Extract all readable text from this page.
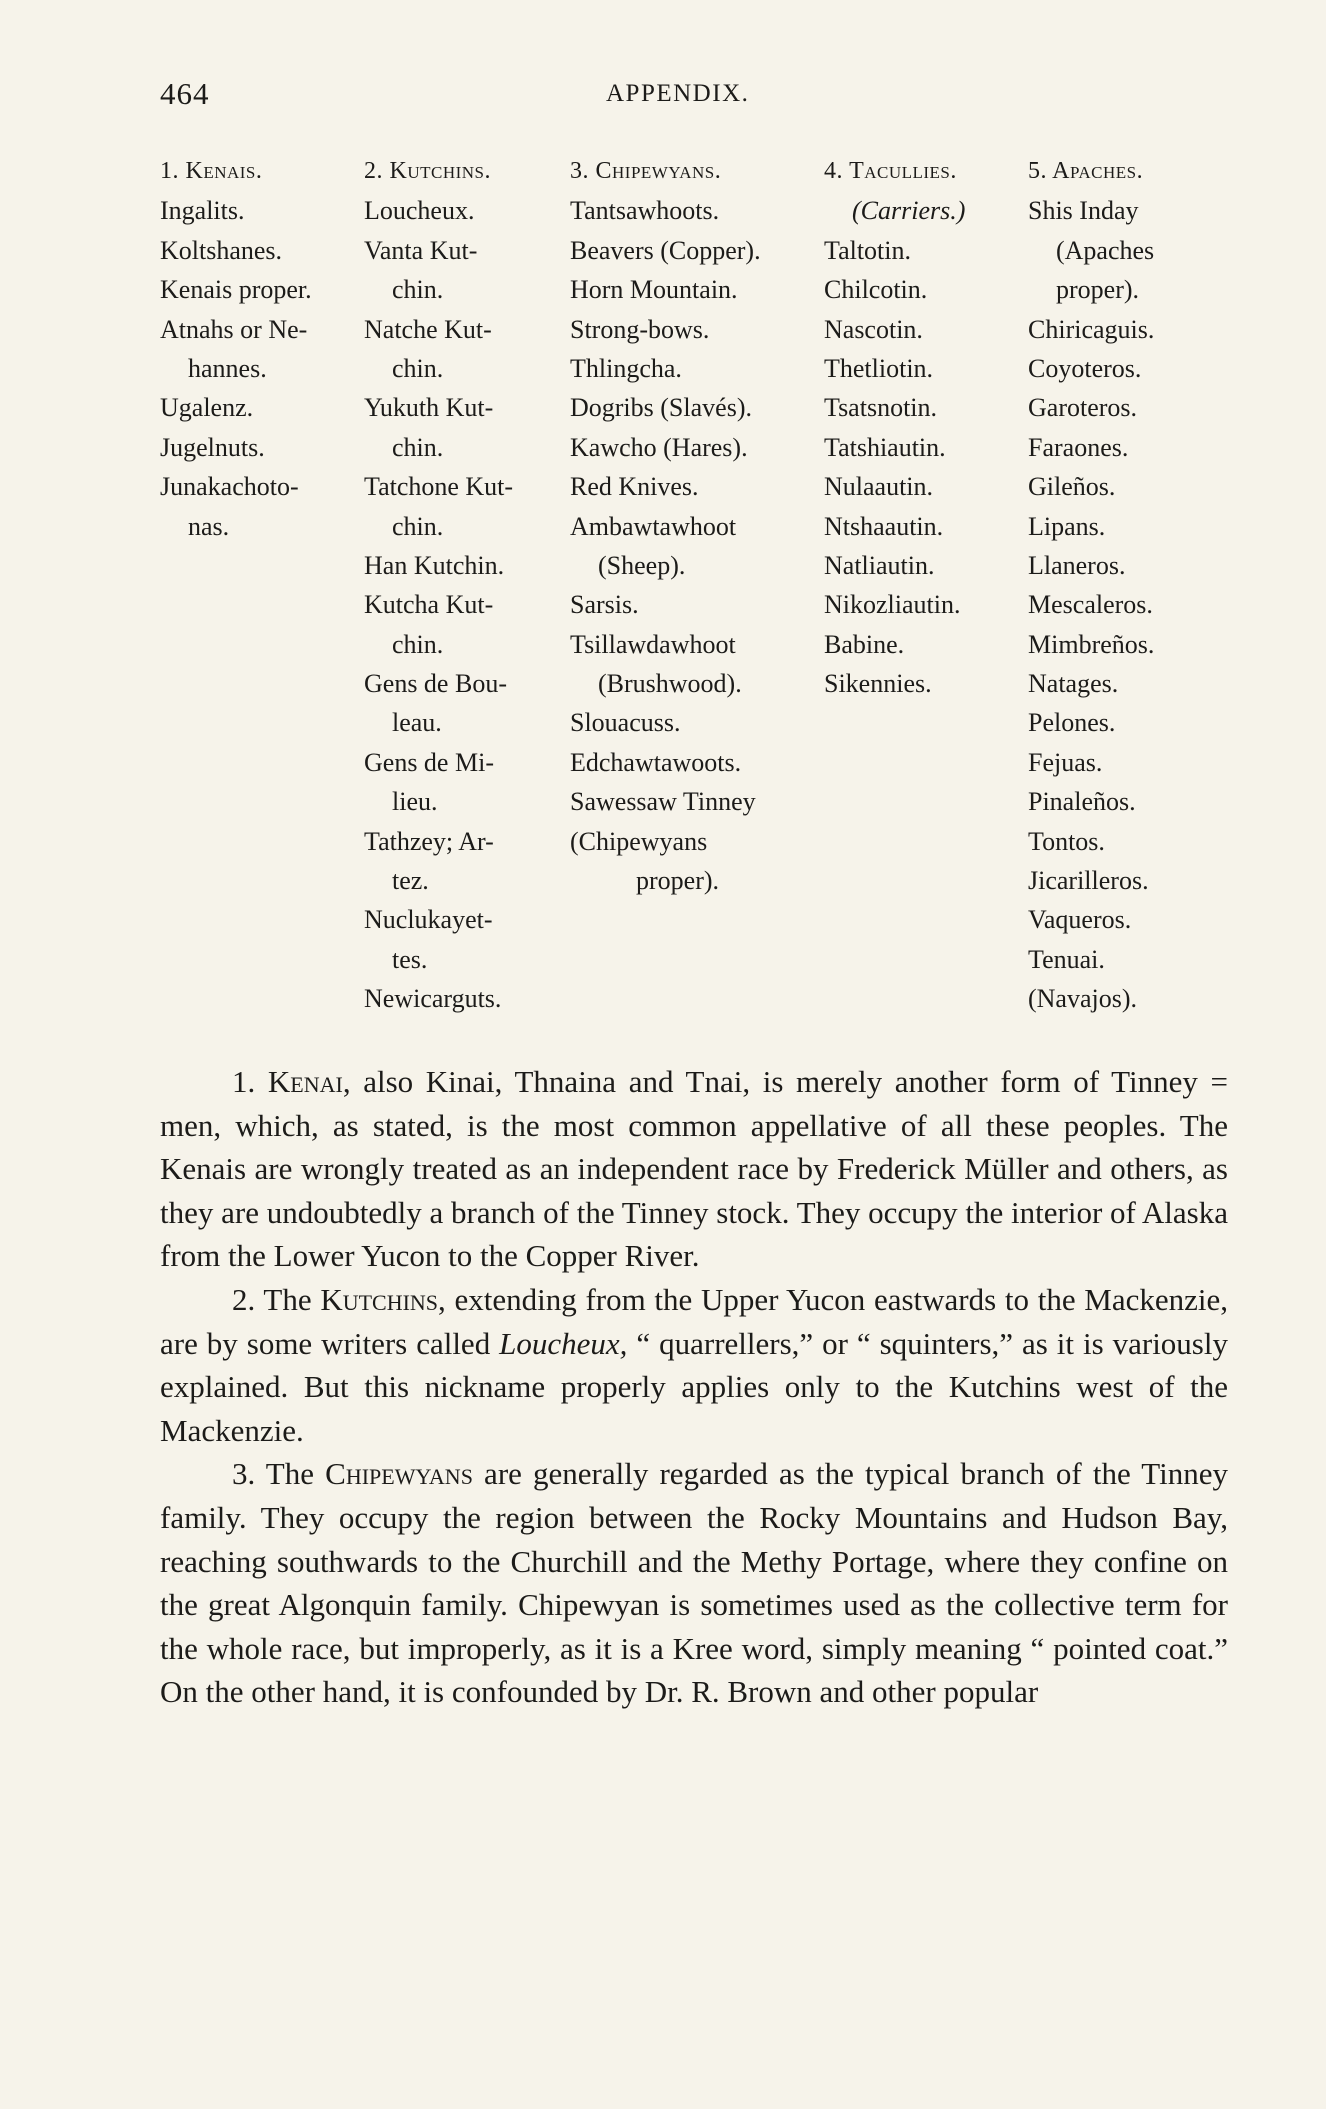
464	APPENDIX.
1. Kenais.
Ingalits.
Koltshanes.
Kenais proper.
Atnahs or Ne-
hannes.
Ugalenz.
Jugelnuts.
Junakachoto-
nas.
2. Kutchins.
Loucheux.
Vanta Kut-
chin.
Natche Kut-
chin.
Yukuth Kut-
chin.
Tatchone Kut-
chin.
Han Kutchin.
Kutcha Kut-
chin.
Gens de Bou-
leau.
Gens de Mi-
lieu.
Tathzey; Ar-
tez.
Nuclukayet-
tes.
Newicarguts.
3. Chipewyans.
Tantsawhoots.
Beavers (Copper).
Horn Mountain.
Strong-bows.
Thlingcha.
Dogribs (Slavés).
Kawcho (Hares).
Red Knives.
Ambawtawhoot
(Sheep).
Sarsis.
Tsillawdawhoot
(Brushwood).
Slouacuss.
Edchawtawoots.
Sawessaw Tinney
(Chipewyans
proper).
4. Tacullies.
(Carriers.)
Taltotin.
Chilcotin.
Nascotin.
Thetliotin.
Tsatsnotin.
Tatshiautin.
Nulaautin.
Ntshaautin.
Natliautin.
Nikozliautin.
Babine.
Sikennies.
5. Apaches.
Shis Inday
(Apaches
proper).
Chiricaguis.
Coyoteros.
Garoteros.
Faraones.
Gileños.
Lipans.
Llaneros.
Mescaleros.
Mimbreños.
Natages.
Pelones.
Fejuas.
Pinaleños.
Tontos.
Jicarilleros.
Vaqueros.
Tenuai.
(Navajos).

1. Kenai, also Kinai, Thnaina and Tnai, is merely another form of Tinney = men, which, as stated, is the most common appellative of all these peoples. The Kenais are wrongly treated as an independent race by Frederick Müller and others, as they are undoubtedly a branch of the Tinney stock. They occupy the interior of Alaska from the Lower Yucon to the Copper River.

2. The Kutchins, extending from the Upper Yucon eastwards to the Mackenzie, are by some writers called Loucheux, “ quarrellers,” or “ squinters,” as it is variously explained. But this nickname properly applies only to the Kutchins west of the Mackenzie.

3. The Chipewyans are generally regarded as the typical branch of the Tinney family. They occupy the region between the Rocky Mountains and Hudson Bay, reaching southwards to the Churchill and the Methy Portage, where they confine on the great Algonquin family. Chipewyan is sometimes used as the collective term for the whole race, but improperly, as it is a Kree word, simply meaning “ pointed coat.” On the other hand, it is confounded by Dr. R. Brown and other popular
